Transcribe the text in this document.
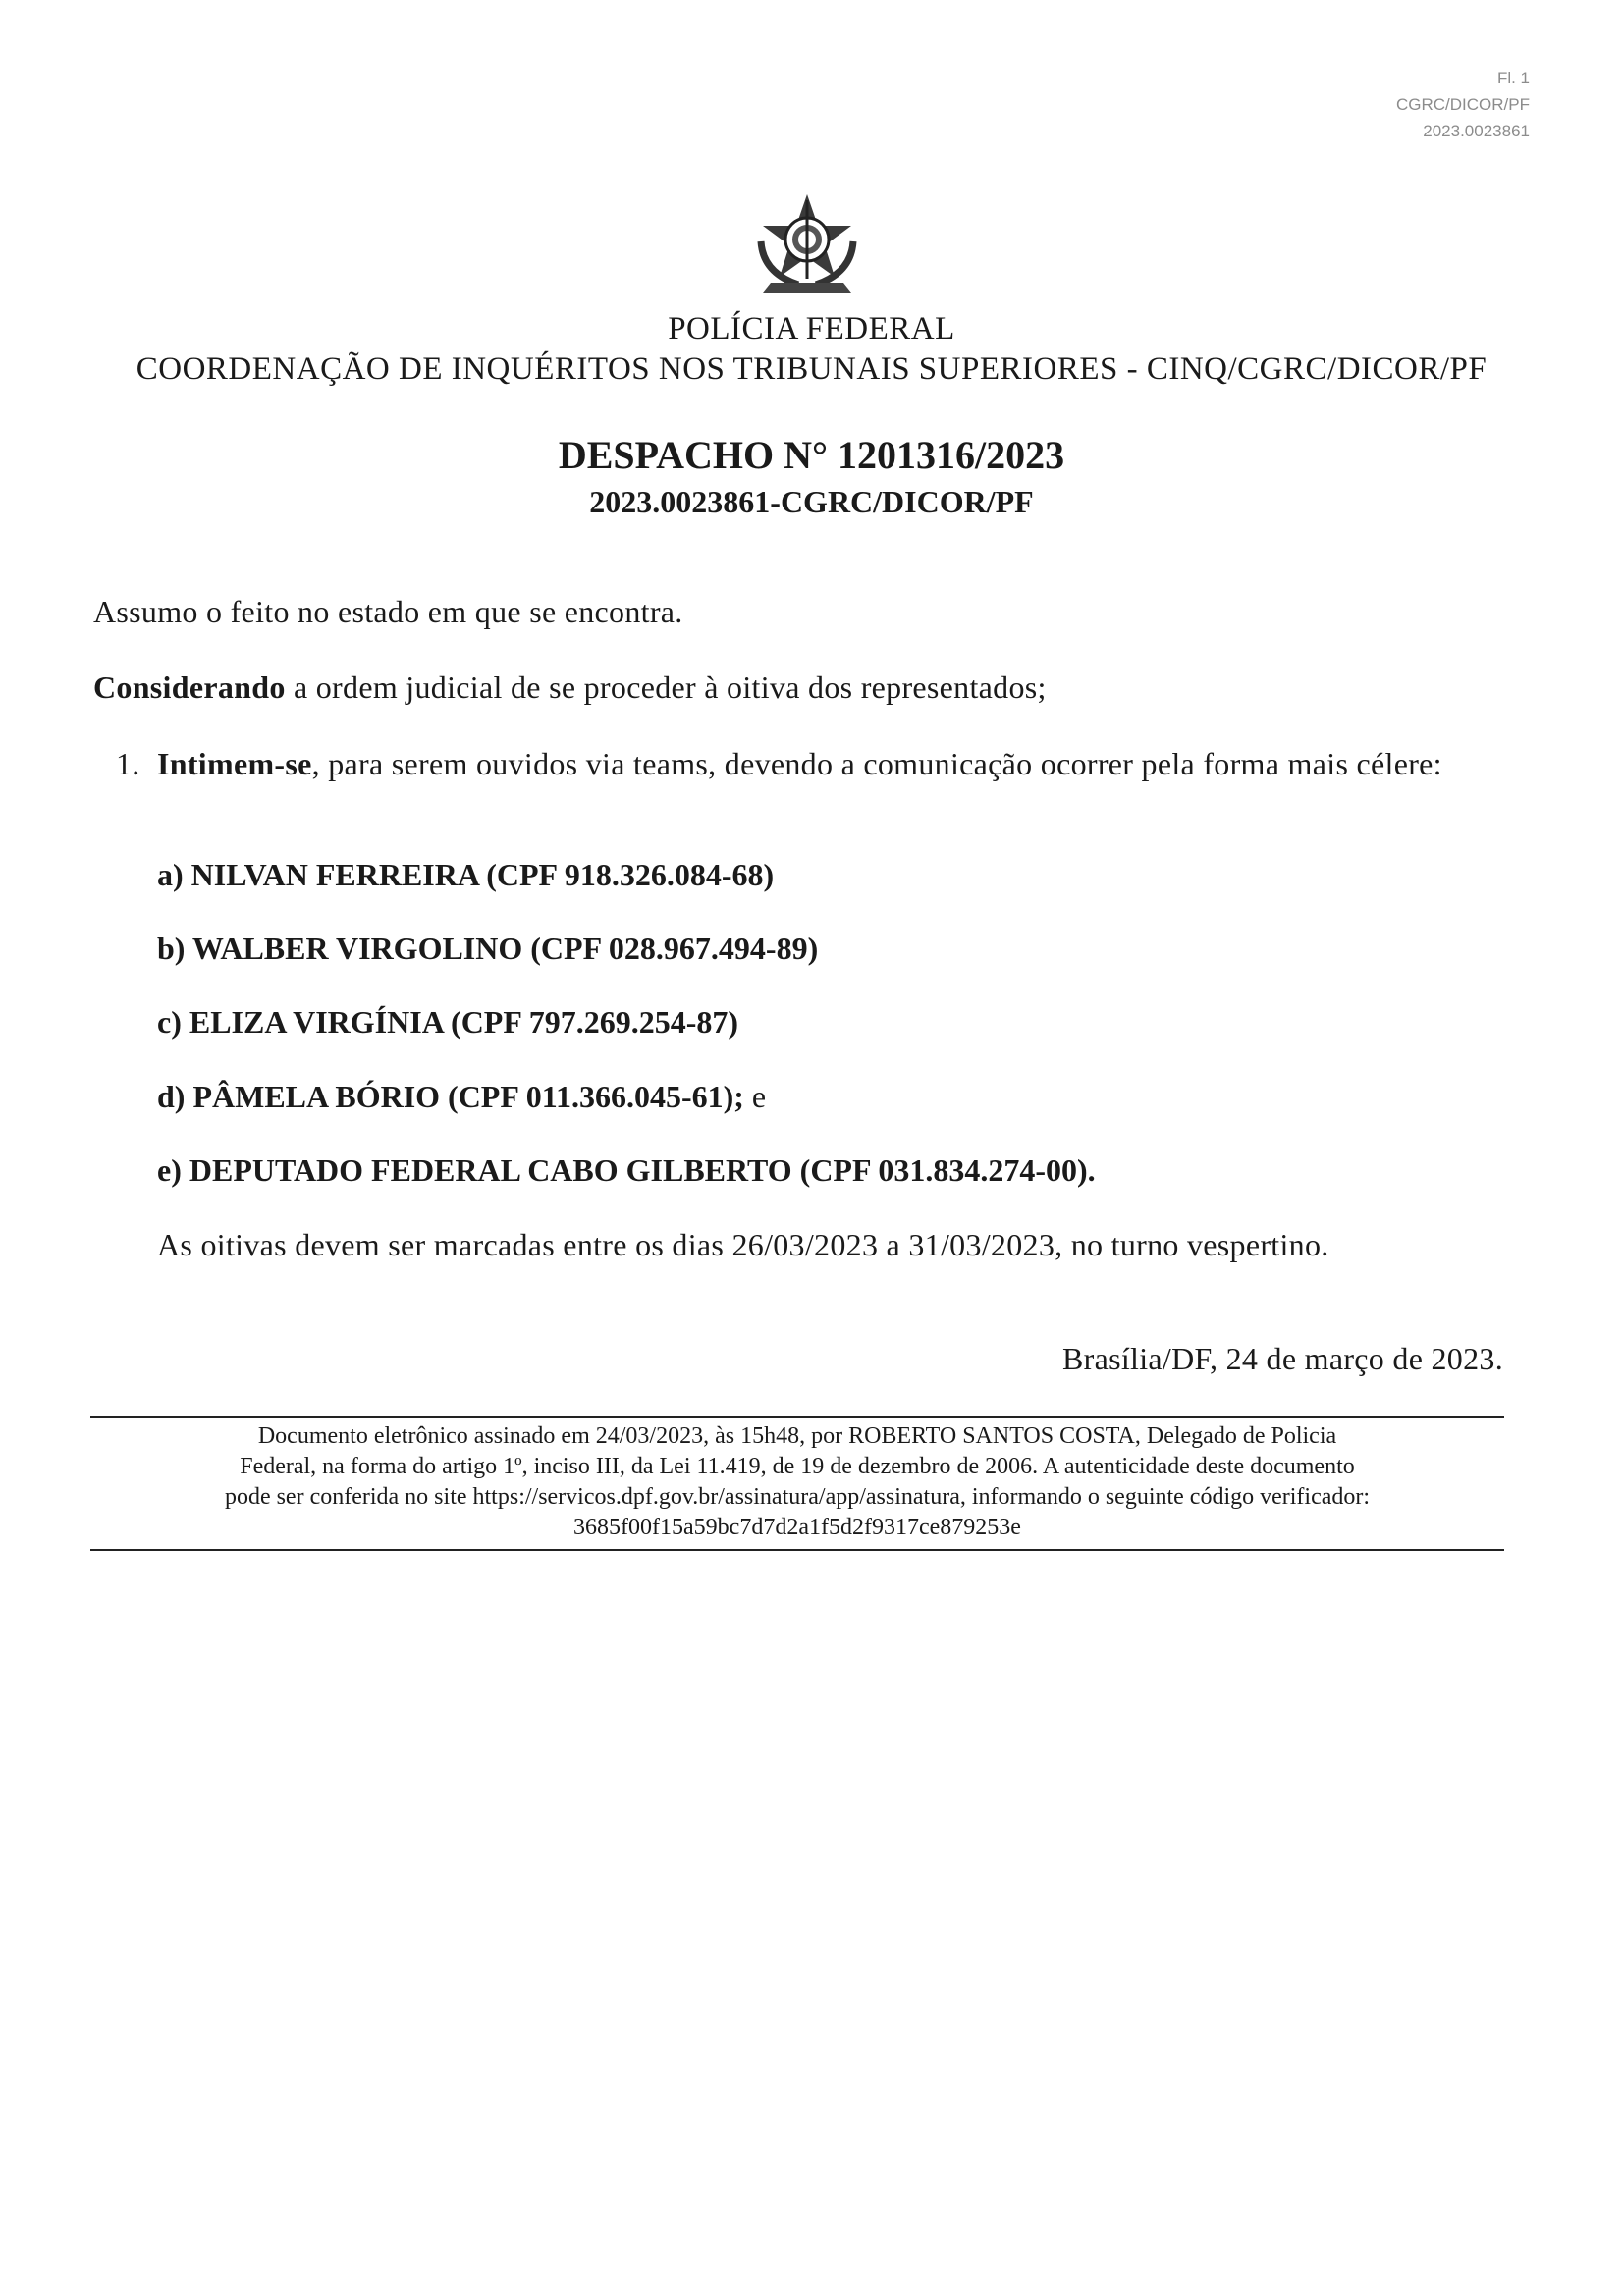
Fl. 1
CGRC/DICOR/PF
2023.0023861
POLÍCIA FEDERAL
COORDENAÇÃO DE INQUÉRITOS NOS TRIBUNAIS SUPERIORES - CINQ/CGRC/DICOR/PF
DESPACHO N° 1201316/2023
2023.0023861-CGRC/DICOR/PF
Assumo o feito no estado em que se encontra.
Considerando a ordem judicial de se proceder à oitiva dos representados;
1. Intimem-se, para serem ouvidos via teams, devendo a comunicação ocorrer pela forma mais célere:
a) NILVAN FERREIRA (CPF 918.326.084-68)
b) WALBER VIRGOLINO (CPF 028.967.494-89)
c) ELIZA VIRGÍNIA (CPF 797.269.254-87)
d) PÂMELA BÓRIO (CPF 011.366.045-61); e
e) DEPUTADO FEDERAL CABO GILBERTO (CPF 031.834.274-00).
As oitivas devem ser marcadas entre os dias 26/03/2023 a 31/03/2023, no turno vespertino.
Brasília/DF, 24 de março de 2023.
Documento eletrônico assinado em 24/03/2023, às 15h48, por ROBERTO SANTOS COSTA, Delegado de Policia
Federal, na forma do artigo 1º, inciso III, da Lei 11.419, de 19 de dezembro de 2006. A autenticidade deste documento
pode ser conferida no site https://servicos.dpf.gov.br/assinatura/app/assinatura, informando o seguinte código verificador:
3685f00f15a59bc7d7d2a1f5d2f9317ce879253e
